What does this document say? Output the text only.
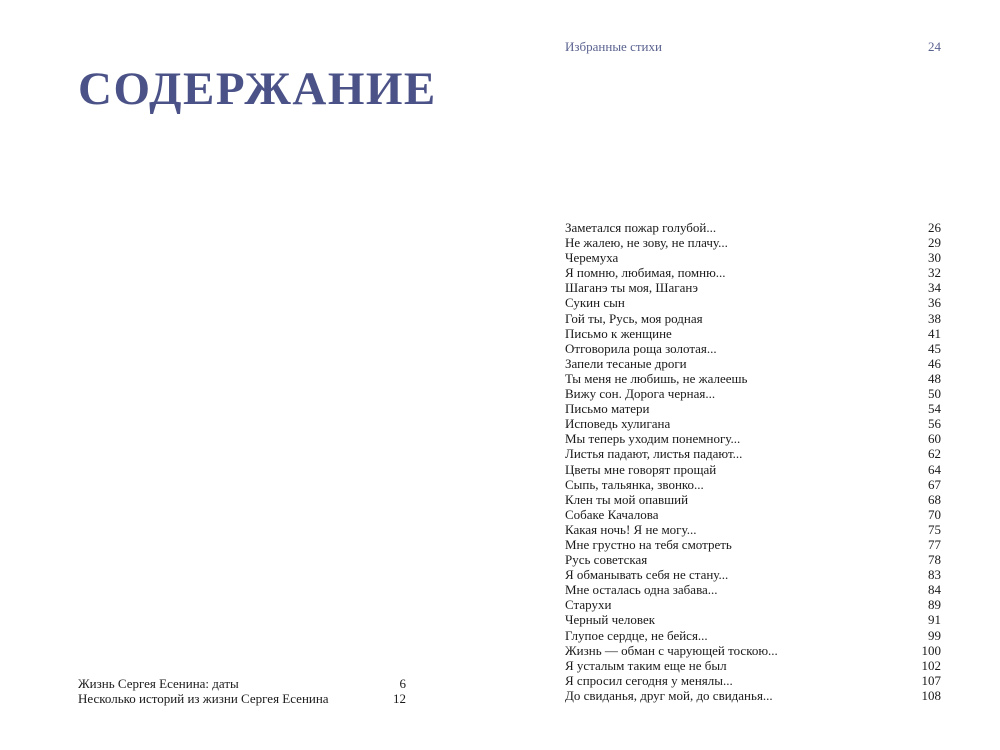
СОДЕРЖАНИЕ
Избранные стихи	24
Жизнь Сергея Есенина: даты	6
Несколько историй из жизни Сергея Есенина	12
Заметался пожар голубой...	26
Не жалею, не зову, не плачу...	29
Черемуха	30
Я помню, любимая, помню...	32
Шаганэ ты моя, Шаганэ	34
Сукин сын	36
Гой ты, Русь, моя родная	38
Письмо к женщине	41
Отговорила роща золотая...	45
Запели тесаные дроги	46
Ты меня не любишь, не жалеешь	48
Вижу сон. Дорога черная...	50
Письмо матери	54
Исповедь хулигана	56
Мы теперь уходим понемногу...	60
Листья падают, листья падают...	62
Цветы мне говорят прощай	64
Сыпь, тальянка, звонко...	67
Клен ты мой опавший	68
Собаке Качалова	70
Какая ночь! Я не могу...	75
Мне грустно на тебя смотреть	77
Русь советская	78
Я обманывать себя не стану...	83
Мне осталась одна забава...	84
Старухи	89
Черный человек	91
Глупое сердце, не бейся...	99
Жизнь — обман с чарующей тоскою...	100
Я усталым таким еще не был	102
Я спросил сегодня у менялы...	107
До свиданья, друг мой, до свиданья...	108
